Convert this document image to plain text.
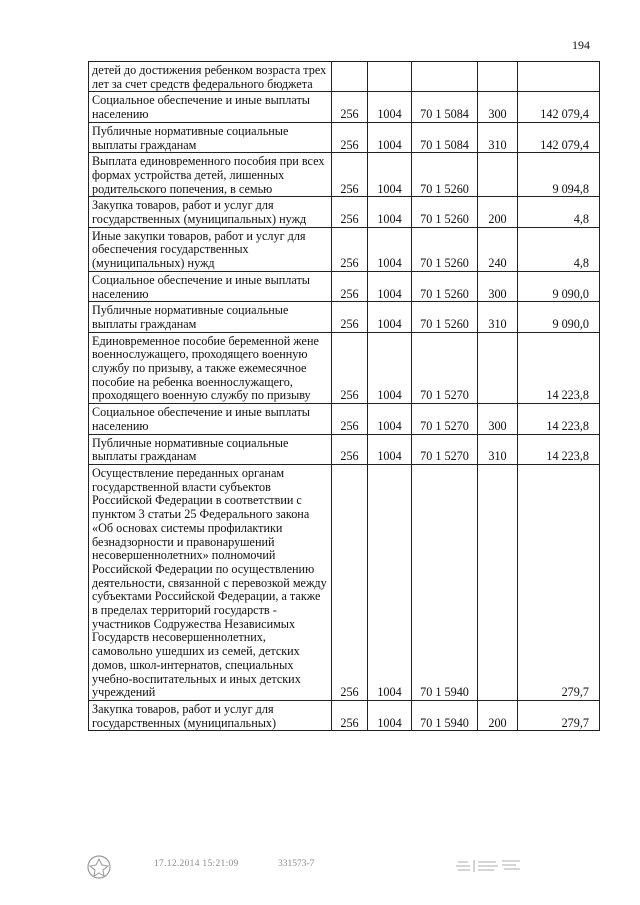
194
детей до достижения ребенком возраста трех лет за счет средств федерального бюджета					
Социальное обеспечение и иные выплаты населению	256	1004	70 1 5084	300	142 079,4
Публичные нормативные социальные выплаты гражданам	256	1004	70 1 5084	310	142 079,4
Выплата единовременного пособия при всех формах устройства детей, лишенных родительского попечения, в семью	256	1004	70 1 5260		9 094,8
Закупка товаров, работ и услуг для государственных (муниципальных) нужд	256	1004	70 1 5260	200	4,8
Иные закупки товаров, работ и услуг для обеспечения государственных (муниципальных) нужд	256	1004	70 1 5260	240	4,8
Социальное обеспечение и иные выплаты населению	256	1004	70 1 5260	300	9 090,0
Публичные нормативные социальные выплаты гражданам	256	1004	70 1 5260	310	9 090,0
Единовременное пособие беременной жене военнослужащего, проходящего военную службу по призыву, а также ежемесячное пособие на ребенка военнослужащего, проходящего военную службу по призыву	256	1004	70 1 5270		14 223,8
Социальное обеспечение и иные выплаты населению	256	1004	70 1 5270	300	14 223,8
Публичные нормативные социальные выплаты гражданам	256	1004	70 1 5270	310	14 223,8
Осуществление переданных органам государственной власти субъектов Российской Федерации в соответствии с пунктом 3 статьи 25 Федерального закона «Об основах системы профилактики безнадзорности и правонарушений несовершеннолетних» полномочий Российской Федерации по осуществлению деятельности, связанной с перевозкой между субъектами Российской Федерации, а также в пределах территорий государств - участников Содружества Независимых Государств несовершеннолетних, самовольно ушедших из семей, детских домов, школ-интернатов, специальных учебно-воспитательных и иных детских учреждений	256	1004	70 1 5940		279,7
Закупка товаров, работ и услуг для государственных (муниципальных)	256	1004	70 1 5940	200	279,7
17.12.2014 15:21:09	331573-7
